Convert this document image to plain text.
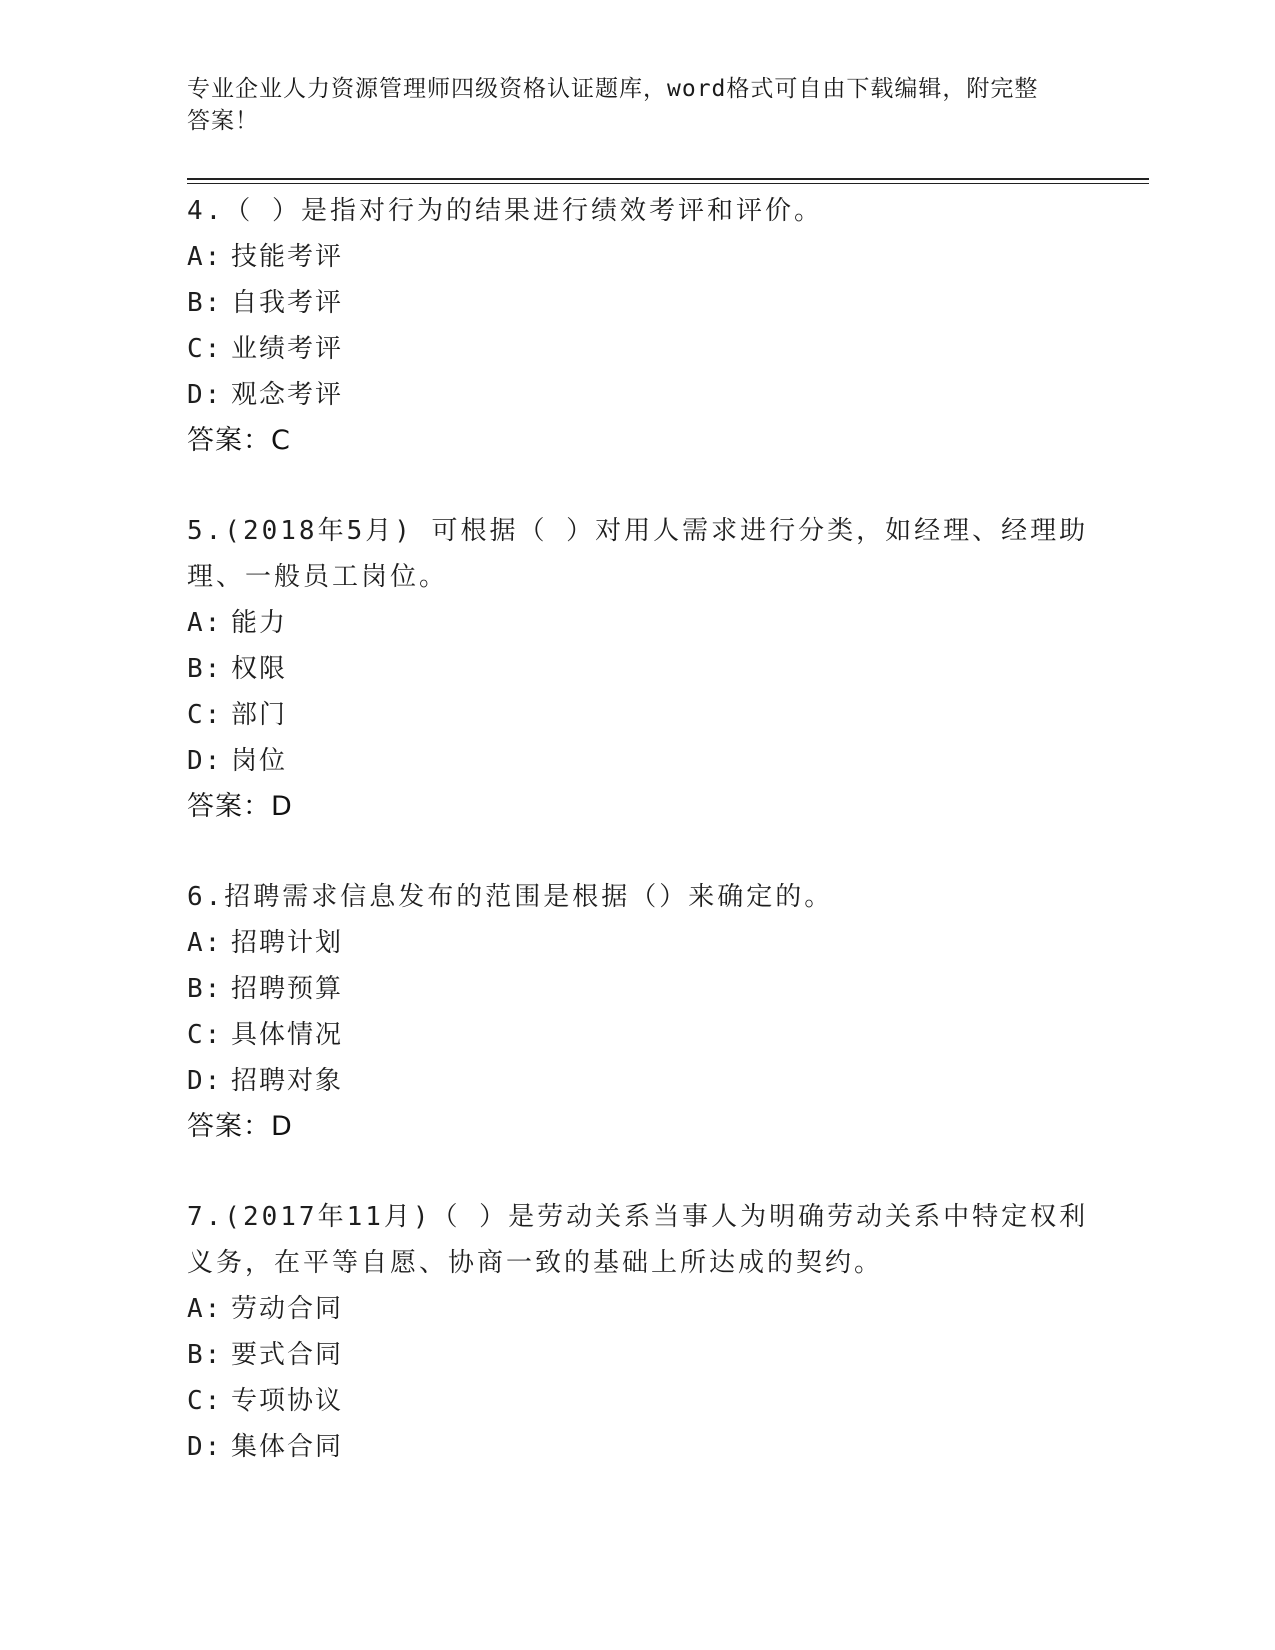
专业企业人力资源管理师四级资格认证题库，word格式可自由下载编辑，附完整
答案！
4.（ ）是指对行为的结果进行绩效考评和评价。
A: 技能考评
B: 自我考评
C: 业绩考评
D: 观念考评
答案：C
5.(2018年5月) 可根据（ ）对用人需求进行分类，如经理、经理助
理、一般员工岗位。
A: 能力
B: 权限
C: 部门
D: 岗位
答案：D
6.招聘需求信息发布的范围是根据（）来确定的。
A: 招聘计划
B: 招聘预算
C: 具体情况
D: 招聘对象
答案：D
7.(2017年11月)（ ）是劳动关系当事人为明确劳动关系中特定权利
义务，在平等自愿、协商一致的基础上所达成的契约。
A: 劳动合同
B: 要式合同
C: 专项协议
D: 集体合同
